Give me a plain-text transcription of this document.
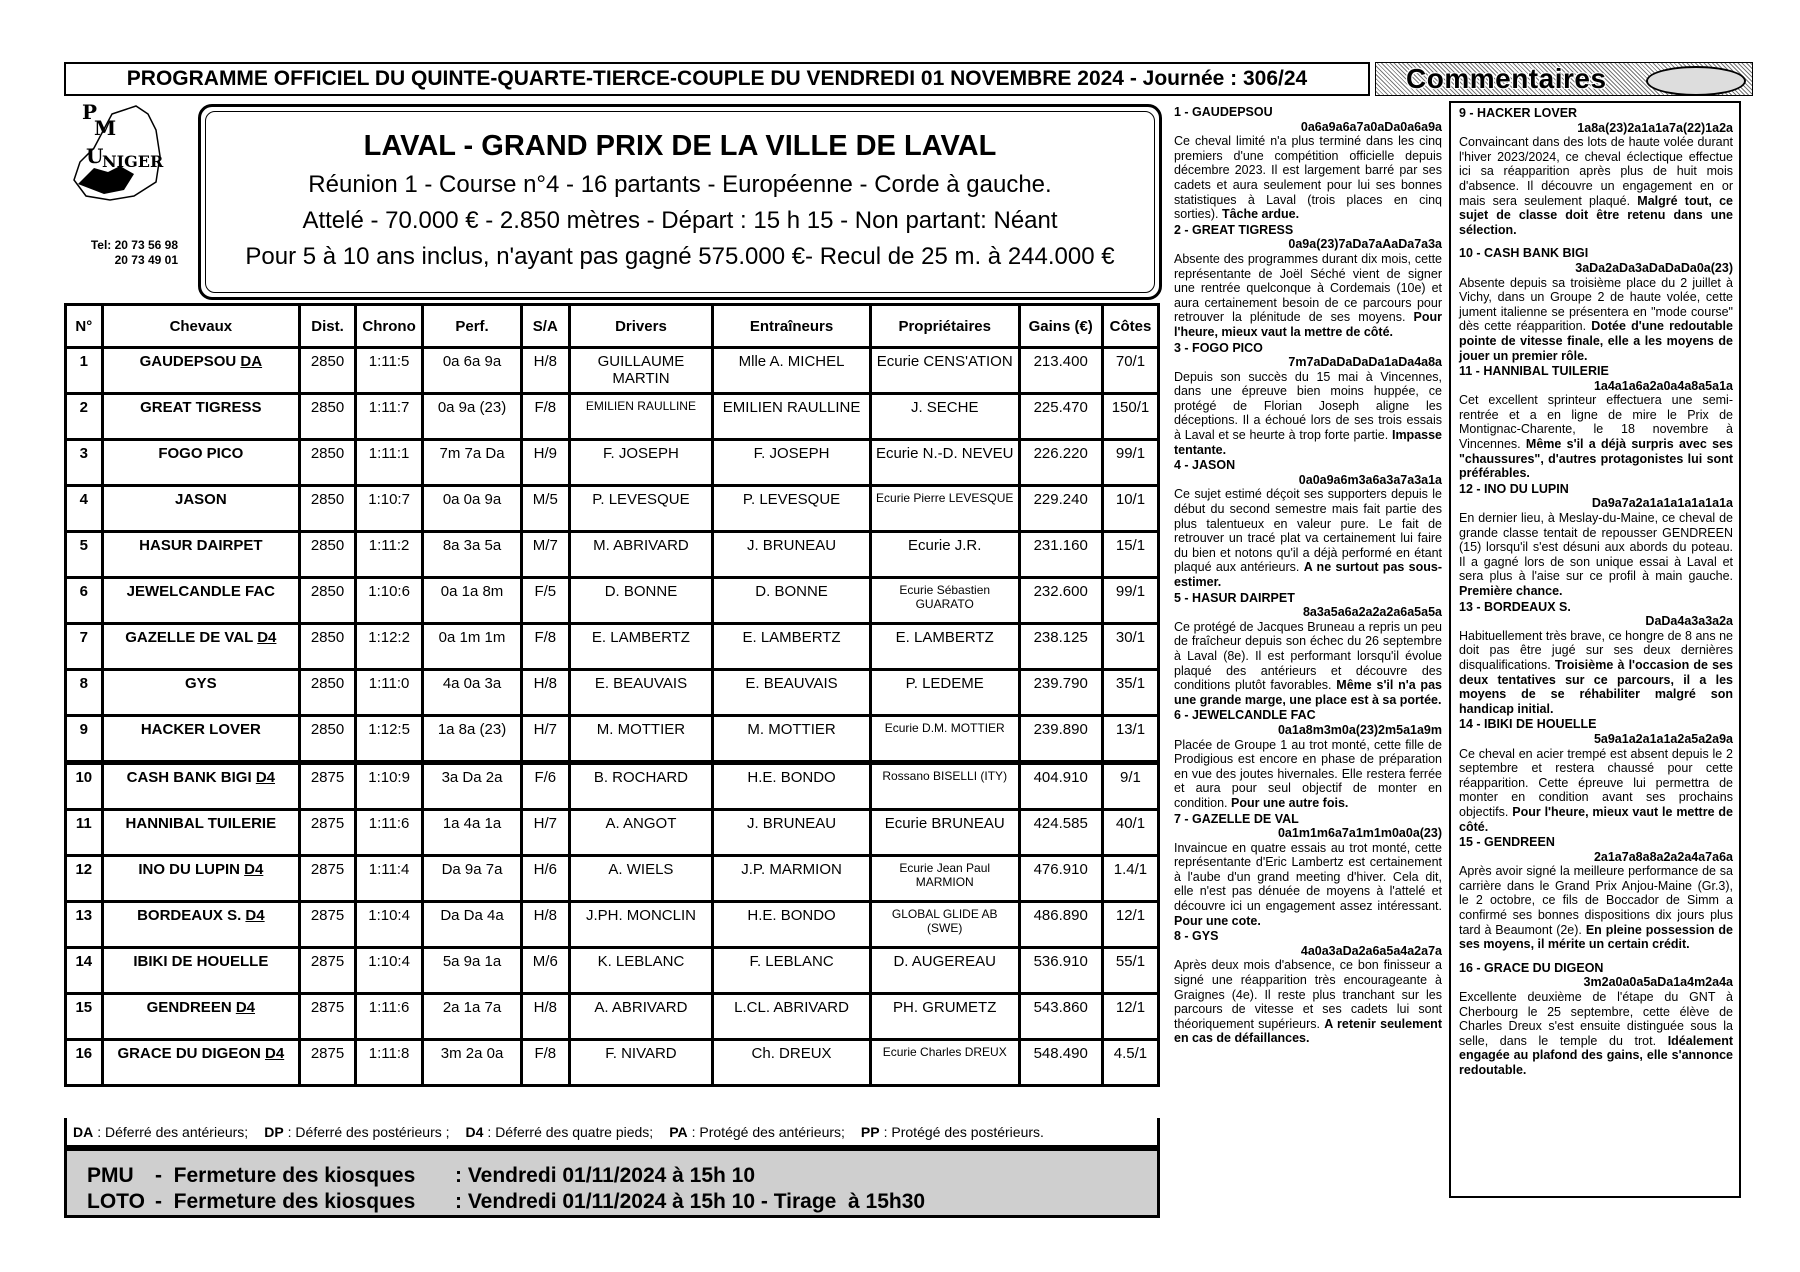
PROGRAMME OFFICIEL DU QUINTE-QUARTE-TIERCE-COUPLE DU VENDREDI 01 NOVEMBRE 2024 - Journée : 306/24	Commentaires
P
M
U
NIGER
Tel: 20 73 56 98
20 73 49 01
LAVAL - GRAND PRIX DE LA VILLE DE LAVAL
Réunion 1 - Course n°4 - 16 partants - Européenne - Corde à gauche.
Attelé - 70.000 € - 2.850 mètres - Départ : 15 h 15 - Non partant: Néant
Pour 5 à 10 ans inclus, n'ayant pas gagné 575.000 €- Recul de 25 m. à 244.000 €
N°	Chevaux	Dist.	Chrono	Perf.	S/A	Drivers	Entraîneurs	Propriétaires	Gains (€)	Côtes
1	GAUDEPSOU DA	2850	1:11:5	0a 6a 9a	H/8	GUILLAUME MARTIN	Mlle A. MICHEL	Ecurie CENS'ATION	213.400	70/1
2	GREAT TIGRESS	2850	1:11:7	0a 9a (23)	F/8	EMILIEN RAULLINE	EMILIEN RAULLINE	J. SECHE	225.470	150/1
3	FOGO PICO	2850	1:11:1	7m 7a Da	H/9	F. JOSEPH	F. JOSEPH	Ecurie N.-D. NEVEU	226.220	99/1
4	JASON	2850	1:10:7	0a 0a 9a	M/5	P. LEVESQUE	P. LEVESQUE	Ecurie Pierre LEVESQUE	229.240	10/1
5	HASUR DAIRPET	2850	1:11:2	8a 3a 5a	M/7	M. ABRIVARD	J. BRUNEAU	Ecurie J.R.	231.160	15/1
6	JEWELCANDLE FAC	2850	1:10:6	0a 1a 8m	F/5	D. BONNE	D. BONNE	Ecurie Sébastien GUARATO	232.600	99/1
7	GAZELLE DE VAL D4	2850	1:12:2	0a 1m 1m	F/8	E. LAMBERTZ	E. LAMBERTZ	E. LAMBERTZ	238.125	30/1
8	GYS	2850	1:11:0	4a 0a 3a	H/8	E. BEAUVAIS	E. BEAUVAIS	P. LEDEME	239.790	35/1
9	HACKER LOVER	2850	1:12:5	1a 8a (23)	H/7	M. MOTTIER	M. MOTTIER	Ecurie D.M. MOTTIER	239.890	13/1
10	CASH BANK BIGI D4	2875	1:10:9	3a Da 2a	F/6	B. ROCHARD	H.E. BONDO	Rossano BISELLI (ITY)	404.910	9/1
11	HANNIBAL TUILERIE	2875	1:11:6	1a 4a 1a	H/7	A. ANGOT	J. BRUNEAU	Ecurie BRUNEAU	424.585	40/1
12	INO DU LUPIN D4	2875	1:11:4	Da 9a 7a	H/6	A. WIELS	J.P. MARMION	Ecurie Jean Paul MARMION	476.910	1.4/1
13	BORDEAUX S. D4	2875	1:10:4	Da Da 4a	H/8	J.PH. MONCLIN	H.E. BONDO	GLOBAL GLIDE AB (SWE)	486.890	12/1
14	IBIKI DE HOUELLE	2875	1:10:4	5a 9a 1a	M/6	K. LEBLANC	F. LEBLANC	D. AUGEREAU	536.910	55/1
15	GENDREEN D4	2875	1:11:6	2a 1a 7a	H/8	A. ABRIVARD	L.CL. ABRIVARD	PH. GRUMETZ	543.860	12/1
16	GRACE DU DIGEON D4	2875	1:11:8	3m 2a 0a	F/8	F. NIVARD	Ch. DREUX	Ecurie Charles DREUX	548.490	4.5/1
DA : Déferré des antérieurs; DP : Déferré des postérieurs ; D4 : Déferré des quatre pieds; PA : Protégé des antérieurs; PP : Protégé des postérieurs.
PMU	-  Fermeture des kiosques	: Vendredi 01/11/2024 à 15h 10
LOTO -  Fermeture des kiosques	: Vendredi 01/11/2024 à 15h 10 - Tirage  à 15h30
1 - GAUDEPSOU
0a6a9a6a7a0aDa0a6a9a

Ce cheval limité n'a plus terminé dans les cinq premiers d'une compétition officielle depuis décembre 2023. Il est largement barré par ses cadets et aura seulement pour lui ses bonnes statistiques à Laval (trois places en cinq sorties). Tâche ardue.

2 - GREAT TIGRESS
0a9a(23)7aDa7aAaDa7a3a

Absente des programmes durant dix mois, cette représentante de Joël Séché vient de signer une rentrée quelconque à Cordemais (10e) et aura certainement besoin de ce parcours pour retrouver la plénitude de ses moyens. Pour l'heure, mieux vaut la mettre de côté.

3 - FOGO PICO
7m7aDaDaDaDa1aDa4a8a

Depuis son succès du 15 mai à Vincennes, dans une épreuve bien moins huppée, ce protégé de Florian Joseph aligne les déceptions. Il a échoué lors de ses trois essais à Laval et se heurte à trop forte partie. Impasse tentante.

4 - JASON
0a0a9a6m3a6a3a7a3a1a

Ce sujet estimé déçoit ses supporters depuis le début du second semestre mais fait partie des plus talentueux en valeur pure. Le fait de retrouver un tracé plat va certainement lui faire du bien et notons qu'il a déjà performé en étant plaqué aux antérieurs. A ne surtout pas sous-estimer.

5 - HASUR DAIRPET
8a3a5a6a2a2a2a6a5a5a

Ce protégé de Jacques Bruneau a repris un peu de fraîcheur depuis son échec du 26 septembre à Laval (8e). Il est performant lorsqu'il évolue plaqué des antérieurs et découvre des conditions plutôt favorables. Même s'il n'a pas une grande marge, une place est à sa portée.

6 - JEWELCANDLE FAC
0a1a8m3m0a(23)2m5a1a9m

Placée de Groupe 1 au trot monté, cette fille de Prodigious est encore en phase de préparation en vue des joutes hivernales. Elle restera ferrée et aura pour seul objectif de monter en condition. Pour une autre fois.

7 - GAZELLE DE VAL
0a1m1m6a7a1m1m0a0a(23)

Invaincue en quatre essais au trot monté, cette représentante d'Eric Lambertz est certainement à l'aube d'un grand meeting d'hiver. Cela dit, elle n'est pas dénuée de moyens à l'attelé et découvre ici un engagement assez intéressant. Pour une cote.

8 - GYS
4a0a3aDa2a6a5a4a2a7a

Après deux mois d'absence, ce bon finisseur a signé une réapparition très encourageante à Graignes (4e). Il reste plus tranchant sur les parcours de vitesse et ses cadets lui sont théoriquement supérieurs. A retenir seulement en cas de défaillances.

9 - HACKER LOVER
1a8a(23)2a1a1a7a(22)1a2a

Convaincant dans des lots de haute volée durant l'hiver 2023/2024, ce cheval éclectique effectue ici sa réapparition après plus de huit mois d'absence. Il découvre un engagement en or mais sera seulement plaqué. Malgré tout, ce sujet de classe doit être retenu dans une sélection.

10 - CASH BANK BIGI
3aDa2aDa3aDaDaDa0a(23)

Absente depuis sa troisième place du 2 juillet à Vichy, dans un Groupe 2 de haute volée, cette jument italienne se présentera en "mode course" dès cette réapparition. Dotée d'une redoutable pointe de vitesse finale, elle a les moyens de jouer un premier rôle.

11 - HANNIBAL TUILERIE
1a4a1a6a2a0a4a8a5a1a

Cet excellent sprinteur effectuera une semi-rentrée et a en ligne de mire le Prix de Montignac-Charente, le 18 novembre à Vincennes. Même s'il a déjà surpris avec ses "chaussures", d'autres protagonistes lui sont préférables.

12 - INO DU LUPIN
Da9a7a2a1a1a1a1a1a1a

En dernier lieu, à Meslay-du-Maine, ce cheval de grande classe tentait de repousser GENDREEN (15) lorsqu'il s'est désuni aux abords du poteau. Il a gagné lors de son unique essai à Laval et sera plus à l'aise sur ce profil à main gauche. Première chance.

13 - BORDEAUX S.
DaDa4a3a3a2a

Habituellement très brave, ce hongre de 8 ans ne doit pas être jugé sur ses deux dernières disqualifications. Troisième à l'occasion de ses deux tentatives sur ce parcours, il a les moyens de se réhabiliter malgré son handicap initial.

14 - IBIKI DE HOUELLE
5a9a1a2a1a1a2a5a2a9a

Ce cheval en acier trempé est absent depuis le 2 septembre et restera chaussé pour cette réapparition. Cette épreuve lui permettra de monter en condition avant ses prochains objectifs. Pour l'heure, mieux vaut le mettre de côté.

15 - GENDREEN
2a1a7a8a8a2a2a4a7a6a

Après avoir signé la meilleure performance de sa carrière dans le Grand Prix Anjou-Maine (Gr.3), le 2 octobre, ce fils de Boccador de Simm a confirmé ses bonnes dispositions dix jours plus tard à Beaumont (2e). En pleine possession de ses moyens, il mérite un certain crédit.

16 - GRACE DU DIGEON
3m2a0a0a5aDa1a4m2a4a

Excellente deuxième de l'étape du GNT à Cherbourg le 25 septembre, cette élève de Charles Dreux s'est ensuite distinguée sous la selle, dans le temple du trot. Idéalement engagée au plafond des gains, elle s'annonce redoutable.
